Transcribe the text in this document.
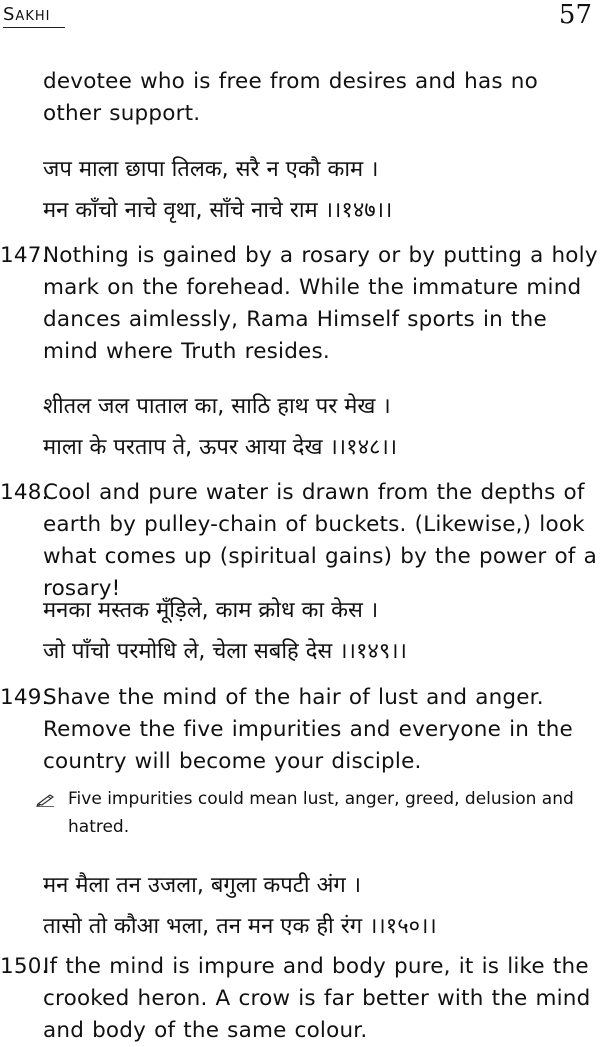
Sakhi	57

devotee who is free from desires and has no other support.

जप माला छापा तिलक, सरै न एकौ काम ।

मन काँचो नाचे वृथा, साँचे नाचे राम ।।१४७।।

147.
Nothing is gained by a rosary or by putting a holy mark on the forehead. While the immature mind dances aimlessly, Rama Himself sports in the mind where Truth resides.

शीतल जल पाताल का, साठि हाथ पर मेख ।

माला के परताप ते, ऊपर आया देख ।।१४८।।

148.
Cool and pure water is drawn from the depths of earth by pulley-chain of buckets. (Likewise,) look what comes up (spiritual gains) by the power of a rosary!

मनका मस्तक मूँड़िले, काम क्रोध का केस ।

जो पाँचो परमोधि ले, चेला सबहि देस ।।१४९।।

149.
Shave the mind of the hair of lust and anger. Remove the five impurities and everyone in the country will become your disciple.
Five impurities could mean lust, anger, greed, delusion and hatred.

मन मैला तन उजला, बगुला कपटी अंग ।

तासो तो कौआ भला, तन मन एक ही रंग ।।१५०।।

150.
If the mind is impure and body pure, it is like the crooked heron. A crow is far better with the mind and body of the same colour.
